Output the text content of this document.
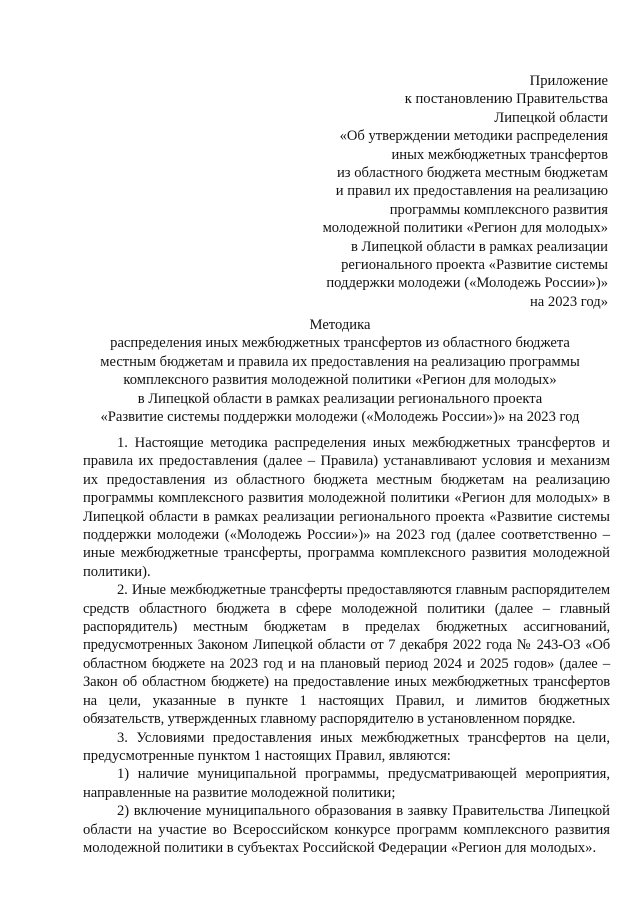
Приложение
к постановлению Правительства
Липецкой области
«Об утверждении методики распределения
иных межбюджетных трансфертов
из областного бюджета местным бюджетам
и правил их предоставления на реализацию
программы комплексного развития
молодежной политики «Регион для молодых»
в Липецкой области в рамках реализации
регионального проекта «Развитие системы
поддержки молодежи («Молодежь России»)»
на 2023 год»
Методика
распределения иных межбюджетных трансфертов из областного бюджета
местным бюджетам и правила их предоставления на реализацию программы
комплексного развития молодежной политики «Регион для молодых»
в Липецкой области в рамках реализации регионального проекта
«Развитие системы поддержки молодежи («Молодежь России»)» на 2023 год

1. Настоящие методика распределения иных межбюджетных трансфертов и правила их предоставления (далее – Правила) устанавливают условия и механизм их предоставления из областного бюджета местным бюджетам на реализацию программы комплексного развития молодежной политики «Регион для молодых» в Липецкой области в рамках реализации регионального проекта «Развитие системы поддержки молодежи («Молодежь России»)» на 2023 год (далее соответственно – иные межбюджетные трансферты, программа комплексного развития молодежной политики).

2. Иные межбюджетные трансферты предоставляются главным распорядителем средств областного бюджета в сфере молодежной политики (далее – главный распорядитель) местным бюджетам в пределах бюджетных ассигнований, предусмотренных Законом Липецкой области от 7 декабря 2022 года № 243-ОЗ «Об областном бюджете на 2023 год и на плановый период 2024 и 2025 годов» (далее – Закон об областном бюджете) на предоставление иных межбюджетных трансфертов на цели, указанные в пункте 1 настоящих Правил, и лимитов бюджетных обязательств, утвержденных главному распорядителю в установленном порядке.

3. Условиями предоставления иных межбюджетных трансфертов на цели, предусмотренные пунктом 1 настоящих Правил, являются:

1) наличие муниципальной программы, предусматривающей мероприятия, направленные на развитие молодежной политики;

2) включение муниципального образования в заявку Правительства Липецкой области на участие во Всероссийском конкурсе программ комплексного развития молодежной политики в субъектах Российской Федерации «Регион для молодых».
